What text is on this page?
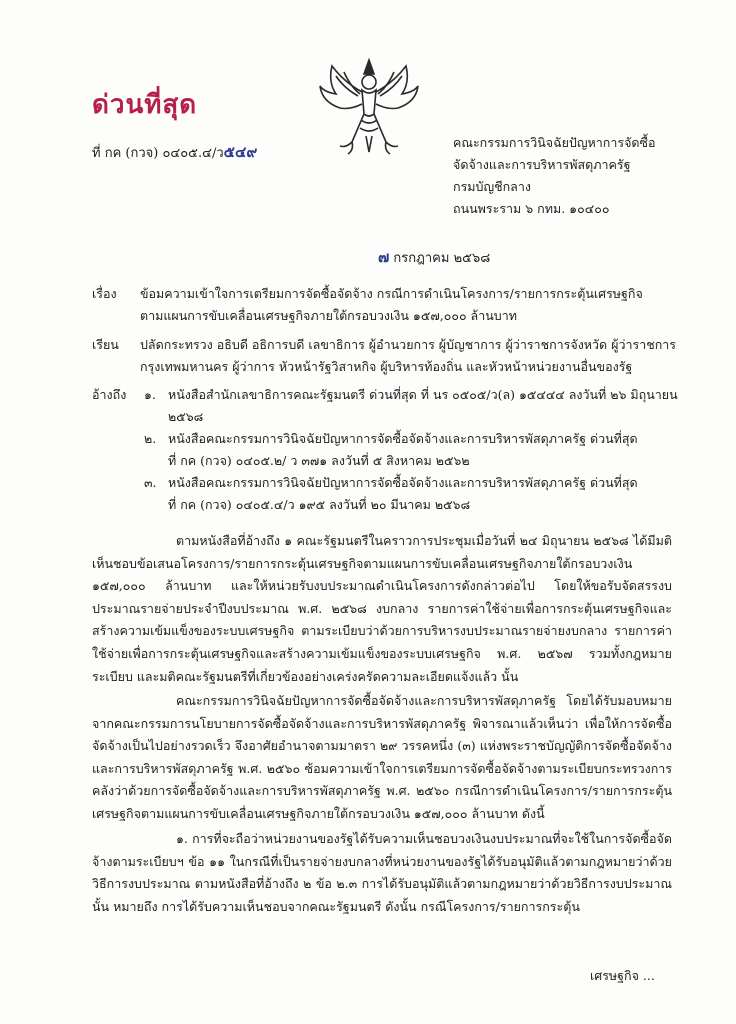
ด่วนที่สุด
ที่ กค (กวจ) ๐๔๐๕.๔/ว๕๔๙
คณะกรรมการวินิจฉัยปัญหาการจัดซื้อ
จัดจ้างและการบริหารพัสดุภาครัฐ
กรมบัญชีกลาง
ถนนพระราม ๖ กทม. ๑๐๔๐๐
๗ กรกฎาคม ๒๕๖๘
เรื่อง	ข้อมความเข้าใจการเตรียมการจัดซื้อจัดจ้าง กรณีการดำเนินโครงการ/รายการกระตุ้นเศรษฐกิจ
ตามแผนการขับเคลื่อนเศรษฐกิจภายใต้กรอบวงเงิน ๑๕๗,๐๐๐ ล้านบาท
เรียน	ปลัดกระทรวง อธิบดี อธิการบดี เลขาธิการ ผู้อำนวยการ ผู้บัญชาการ ผู้ว่าราชการจังหวัด ผู้ว่าราชการ
กรุงเทพมหานคร ผู้ว่าการ หัวหน้ารัฐวิสาหกิจ ผู้บริหารท้องถิ่น และหัวหน้าหน่วยงานอื่นของรัฐ
อ้างถึง	๑. หนังสือสำนักเลขาธิการคณะรัฐมนตรี ด่วนที่สุด ที่ นร ๐๕๐๕/ว(ล) ๑๕๔๔๔ ลงวันที่ ๒๖ มิถุนายน ๒๕๖๘
๒. หนังสือคณะกรรมการวินิจฉัยปัญหาการจัดซื้อจัดจ้างและการบริหารพัสดุภาครัฐ ด่วนที่สุด
ที่ กค (กวจ) ๐๔๐๕.๒/ ว ๓๗๑ ลงวันที่ ๕ สิงหาคม ๒๕๖๒
๓. หนังสือคณะกรรมการวินิจฉัยปัญหาการจัดซื้อจัดจ้างและการบริหารพัสดุภาครัฐ ด่วนที่สุด
ที่ กค (กวจ) ๐๔๐๕.๔/ว ๑๙๕ ลงวันที่ ๒๐ มีนาคม ๒๕๖๘

ตามหนังสือที่อ้างถึง ๑ คณะรัฐมนตรีในคราวการประชุมเมื่อวันที่ ๒๔ มิถุนายน ๒๕๖๘ ได้มีมติเห็นชอบข้อเสนอโครงการ/รายการกระตุ้นเศรษฐกิจตามแผนการขับเคลื่อนเศรษฐกิจภายใต้กรอบวงเงิน ๑๕๗,๐๐๐ ล้านบาท และให้หน่วยรับงบประมาณดำเนินโครงการดังกล่าวต่อไป โดยให้ขอรับจัดสรรงบประมาณรายจ่ายประจำปีงบประมาณ พ.ศ. ๒๕๖๘ งบกลาง รายการค่าใช้จ่ายเพื่อการกระตุ้นเศรษฐกิจและสร้างความเข้มแข็งของระบบเศรษฐกิจ ตามระเบียบว่าด้วยการบริหารงบประมาณรายจ่ายงบกลาง รายการค่าใช้จ่ายเพื่อการกระตุ้นเศรษฐกิจและสร้างความเข้มแข็งของระบบเศรษฐกิจ พ.ศ. ๒๕๖๗ รวมทั้งกฎหมาย ระเบียบ และมติคณะรัฐมนตรีที่เกี่ยวข้องอย่างเคร่งครัดความละเอียดแจ้งแล้ว นั้น

คณะกรรมการวินิจฉัยปัญหาการจัดซื้อจัดจ้างและการบริหารพัสดุภาครัฐ โดยได้รับมอบหมายจากคณะกรรมการนโยบายการจัดซื้อจัดจ้างและการบริหารพัสดุภาครัฐ พิจารณาแล้วเห็นว่า เพื่อให้การจัดซื้อจัดจ้างเป็นไปอย่างรวดเร็ว จึงอาศัยอำนาจตามมาตรา ๒๙ วรรคหนึ่ง (๓) แห่งพระราชบัญญัติการจัดซื้อจัดจ้างและการบริหารพัสดุภาครัฐ พ.ศ. ๒๕๖๐ ซ้อมความเข้าใจการเตรียมการจัดซื้อจัดจ้างตามระเบียบกระทรวงการคลังว่าด้วยการจัดซื้อจัดจ้างและการบริหารพัสดุภาครัฐ พ.ศ. ๒๕๖๐ กรณีการดำเนินโครงการ/รายการกระตุ้นเศรษฐกิจตามแผนการขับเคลื่อนเศรษฐกิจภายใต้กรอบวงเงิน ๑๕๗,๐๐๐ ล้านบาท ดังนี้

๑. การที่จะถือว่าหน่วยงานของรัฐได้รับความเห็นชอบวงเงินงบประมาณที่จะใช้ในการจัดซื้อจัดจ้างตามระเบียบฯ ข้อ ๑๑ ในกรณีที่เป็นรายจ่ายงบกลางที่หน่วยงานของรัฐได้รับอนุมัติแล้วตามกฎหมายว่าด้วยวิธีการงบประมาณ ตามหนังสือที่อ้างถึง ๒ ข้อ ๒.๓ การได้รับอนุมัติแล้วตามกฎหมายว่าด้วยวิธีการงบประมาณนั้น หมายถึง การได้รับความเห็นชอบจากคณะรัฐมนตรี ดังนั้น กรณีโครงการ/รายการกระตุ้น

เศรษฐกิจ ...
